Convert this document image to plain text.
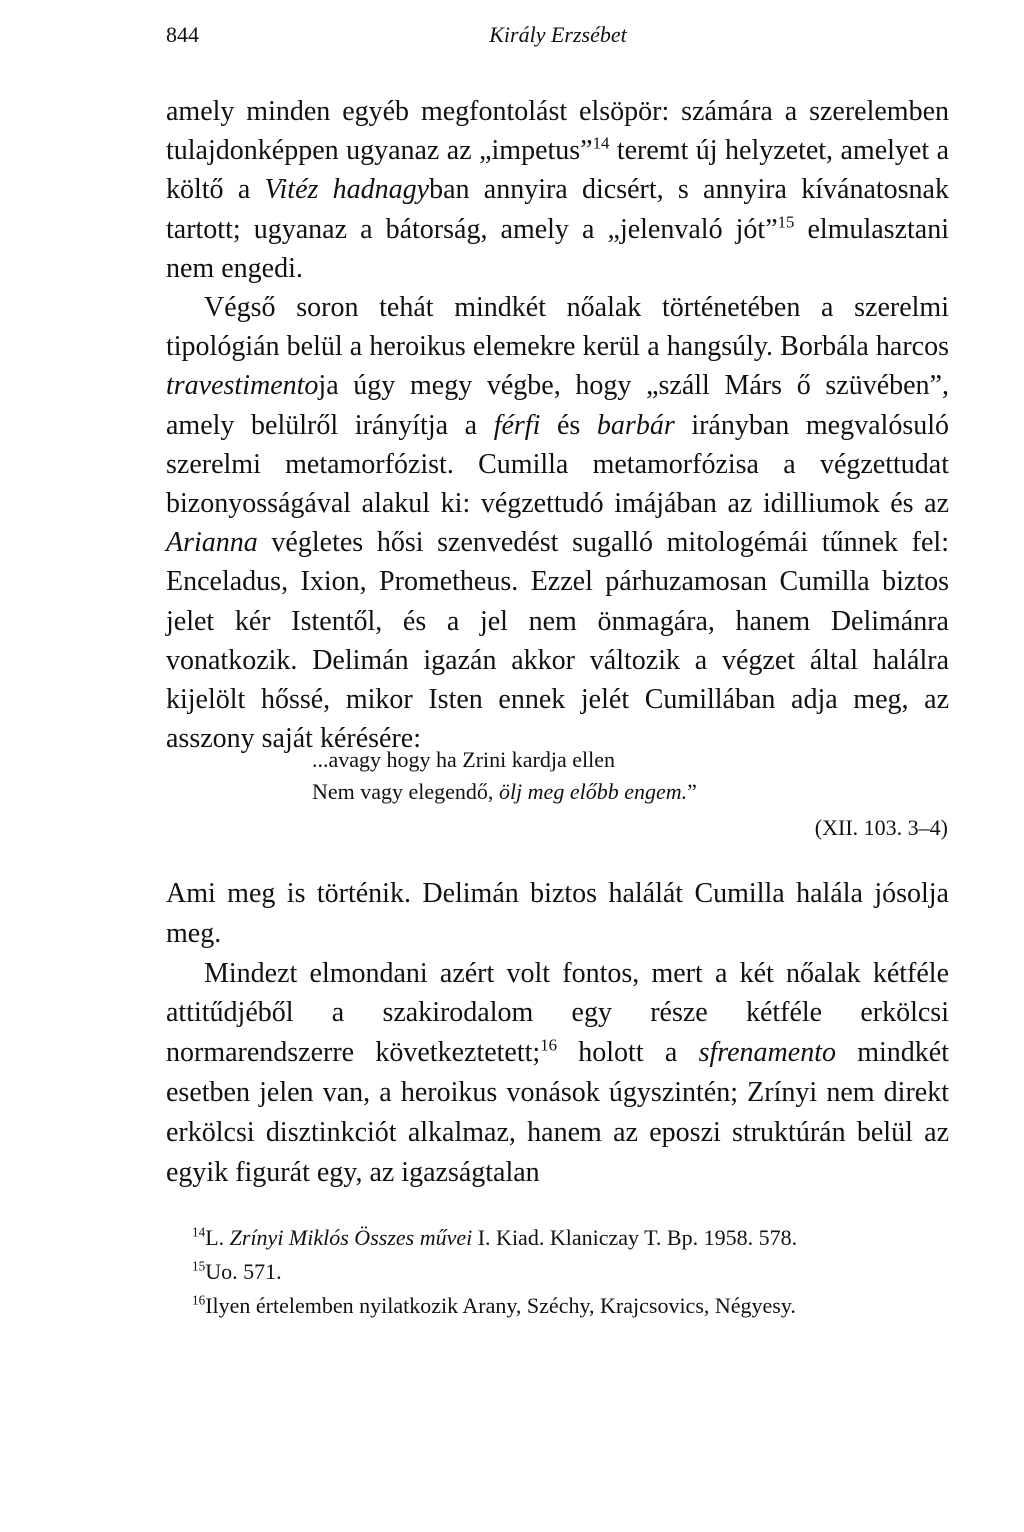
844	Király Erzsébet

amely minden egyéb megfontolást elsöpör: számára a szerelemben tulajdonképpen ugyanaz az „impetus”$^{14}$ teremt új helyzetet, amelyet a költő a Vitéz hadnagyban annyira dicsért, s annyira kívánatosnak tartott; ugyanaz a bátorság, amely a „jelenvaló jót”$^{15}$ elmulasztani nem engedi.

Végső soron tehát mindkét nőalak történetében a szerelmi tipológián belül a heroikus elemekre kerül a hangsúly. Borbála harcos travestimentoja úgy megy végbe, hogy „száll Márs ő szüvében”, amely belülről irányítja a férfi és barbár irányban megvalósuló szerelmi metamorfózist. Cumilla metamorfózisa a végzettudat bizonyosságával alakul ki: végzettudó imájában az idilliumok és az Arianna végletes hősi szenvedést sugalló mitologémái tűnnek fel: Enceladus, Ixion, Prometheus. Ezzel párhuzamosan Cumilla biztos jelet kér Istentől, és a jel nem önmagára, hanem Delimánra vonatkozik. Delimán igazán akkor változik a végzet által halálra kijelölt hőssé, mikor Isten ennek jelét Cumillában adja meg, az asszony saját kérésére:

...avagy hogy ha Zrini kardja ellen
Nem vagy elegendő, ölj meg előbb engem.”
(XII. 103. 3–4)

Ami meg is történik. Delimán biztos halálát Cumilla halála jósolja meg.

Mindezt elmondani azért volt fontos, mert a két nőalak kétféle attitűdjéből a szakirodalom egy része kétféle erkölcsi normarendszerre következtetett;$^{16}$ holott a sfrenamento mindkét esetben jelen van, a heroikus vonások úgyszintén; Zrínyi nem direkt erkölcsi disztinkciót alkalmaz, hanem az eposzi struktúrán belül az egyik figurát egy, az igazságtalan

$^{14}$L. Zrínyi Miklós Összes művei I. Kiad. Klaniczay T. Bp. 1958. 578.

$^{15}$Uo. 571.

$^{16}$Ilyen értelemben nyilatkozik Arany, Széchy, Krajcsovics, Négyesy.
